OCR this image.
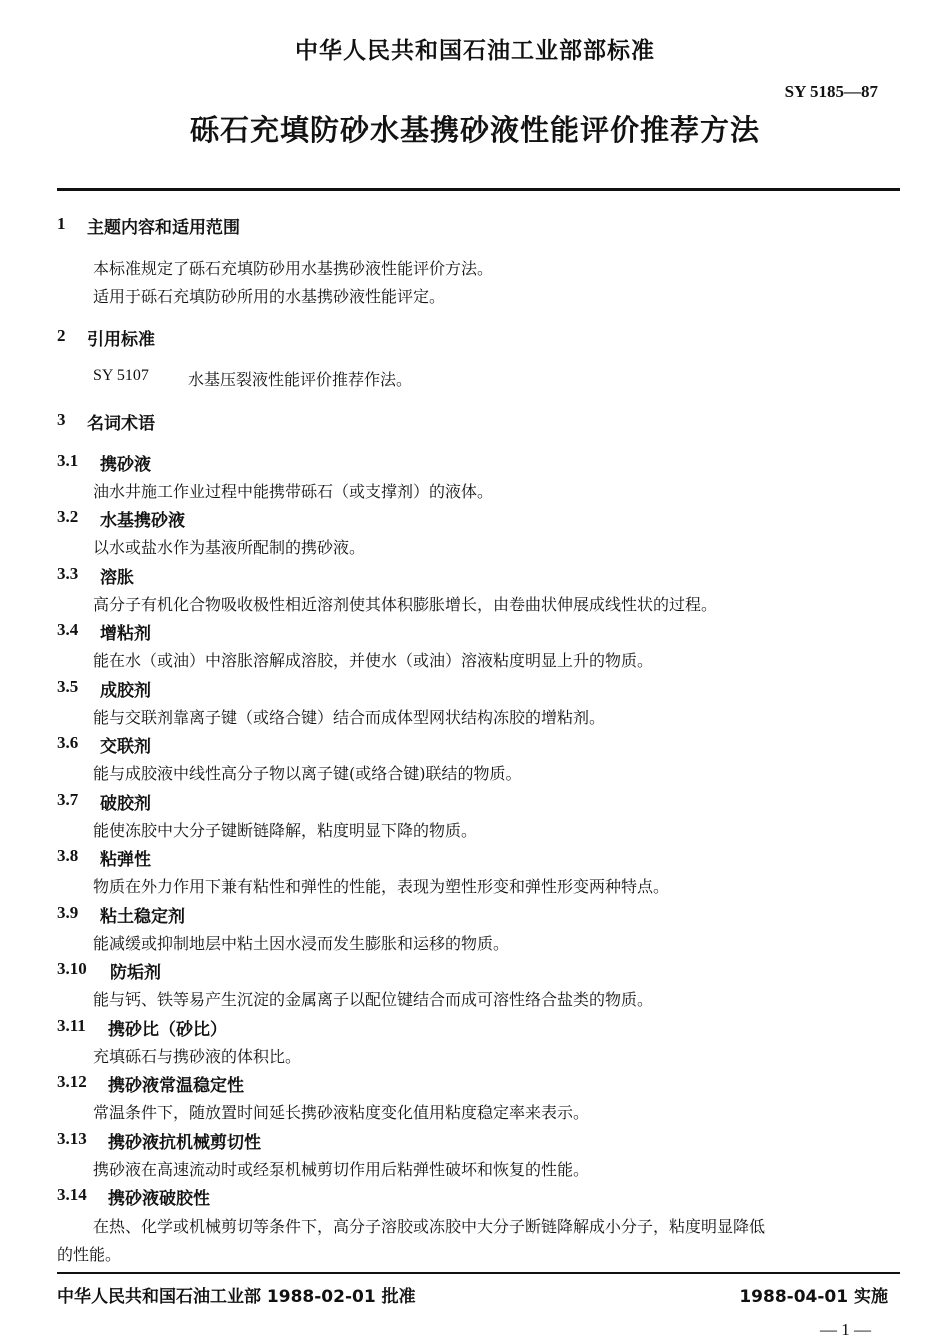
中华人民共和国石油工业部部标准
SY 5185—87
砾石充填防砂水基携砂液性能评价推荐方法
1 主题内容和适用范围
本标准规定了砾石充填防砂用水基携砂液性能评价方法。
适用于砾石充填防砂所用的水基携砂液性能评定。
2 引用标准
SY 5107 水基压裂液性能评价推荐作法。
3 名词术语
3.1 携砂液
油水井施工作业过程中能携带砾石（或支撑剂）的液体。
3.2 水基携砂液
以水或盐水作为基液所配制的携砂液。
3.3 溶胀
高分子有机化合物吸收极性相近溶剂使其体积膨胀增长，由卷曲状伸展成线性状的过程。
3.4 增粘剂
能在水（或油）中溶胀溶解成溶胶，并使水（或油）溶液粘度明显上升的物质。
3.5 成胶剂
能与交联剂靠离子键（或络合键）结合而成体型网状结构冻胶的增粘剂。
3.6 交联剂
能与成胶液中线性高分子物以离子键(或络合键)联结的物质。
3.7 破胶剂
能使冻胶中大分子键断链降解，粘度明显下降的物质。
3.8 粘弹性
物质在外力作用下兼有粘性和弹性的性能，表现为塑性形变和弹性形变两种特点。
3.9 粘土稳定剂
能减缓或抑制地层中粘土因水浸而发生膨胀和运移的物质。
3.10 防垢剂
能与钙、铁等易产生沉淀的金属离子以配位键结合而成可溶性络合盐类的物质。
3.11 携砂比（砂比）
充填砾石与携砂液的体积比。
3.12 携砂液常温稳定性
常温条件下，随放置时间延长携砂液粘度变化值用粘度稳定率来表示。
3.13 携砂液抗机械剪切性
携砂液在高速流动时或经泵机械剪切作用后粘弹性破坏和恢复的性能。
3.14 携砂液破胶性
在热、化学或机械剪切等条件下，高分子溶胶或冻胶中大分子断链降解成小分子，粘度明显降低
的性能。
中华人民共和国石油工业部 1988-02-01 批准	1988-04-01 实施
— 1 —
